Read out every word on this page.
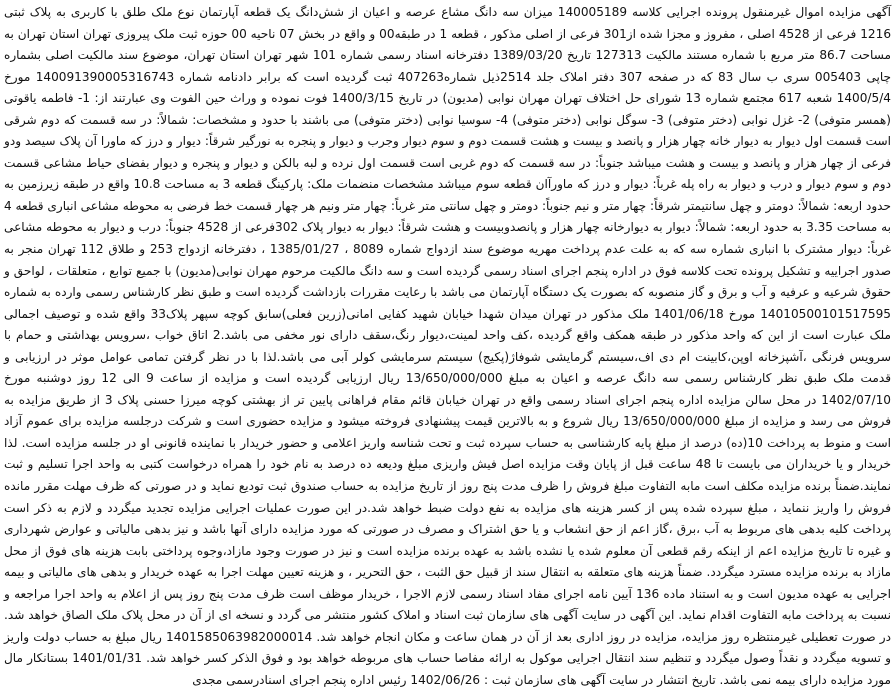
آگهی مزایده اموال غیرمنقول پرونده اجرایی کلاسه 140005189 میزان سه دانگ مشاع عرصه و اعیان از شش‌دانگ یک قطعه آپارتمان نوع ملک طلق با کاربری به پلاک ثبتی 1216 فرعی از 4528 اصلی ، مفروز و مجزا شده از301 فرعی از اصلی مذکور ، قطعه 1 در طبقه00 و واقع در بخش 07 ناحیه 00 حوزه ثبت ملک پیروزی تهران استان تهران به مساحت 86.7 متر مربع با شماره مستند مالکیت 127313 تاریخ 1389/03/20 دفترخانه اسناد رسمی شماره 101 شهر تهران استان تهران، موضوع سند مالکیت اصلی بشماره چاپی 005403 سری ب سال 83 که در صفحه 307 دفتر املاک جلد 2514ذیل شماره407263 ثبت گردیده است که برابر دادنامه شماره 140091390005316743 مورخ 1400/5/4 شعبه 617 مجتمع شماره 13 شورای حل اختلاف تهران مهران نوابی (مدیون) در تاریخ 1400/3/15 فوت نموده و وراث حین الفوت وی عبارتند از: 1- فاطمه یاقوتی (همسر متوفی) 2- غزل نوابی (دختر متوفی) 3- سوگل نوابی (دختر متوفی) 4- سوسیا نوابی (دختر متوفی) می باشند با حدود و مشخصات: شمالاً: در سه قسمت که دوم شرقی است قسمت اول دیوار به دیوار خانه چهار هزار و پانصد و بیست و هشت قسمت دوم و سوم دیوار وجرب و دیوار و پنجره به نورگیر شرقاً: دیوار و درز که ماورا آن پلاک سیصد ودو فرعی از چهار هزار و پانصد و بیست و هشت میباشد جنوباً: در سه قسمت که دوم غربی است قسمت اول نرده و لبه بالکن و دیوار و پنجره و دیوار بفضای حیاط مشاعی قسمت دوم و سوم دیوار و درب و دیوار به راه پله غرباً: دیوار و درز که ماورآان قطعه سوم میباشد مشخصات منضمات ملک: پارکینگ قطعه 3 به مساحت 10.8 واقع در طبقه زیرزمین به حدود اربعه: شمالاً: دومتر و چهل سانتیمتر شرقاً: چهار متر و نیم جنوباً: دومتر و چهل سانتی متر غرباً: چهار متر ونیم هر چهار قسمت خط فرضی به محوطه مشاعی انباری قطعه 4 به مساحت 3.35 به حدود اربعه: شمالاً: دیوار به دیوارخانه چهار هزار و پانصدوبیست و هشت شرقاً: دیوار به دیوار پلاک 302فرعی از 4528 جنوباً: درب و دیوار به محوطه مشاعی غرباً: دیوار مشترک با انباری شماره سه که به علت عدم پرداخت مهریه موضوع سند ازدواج شماره 8089 ، 1385/01/27 ، دفترخانه ازدواج 253 و طلاق 112 تهران منجر به صدور اجراییه و تشکیل پرونده تحت کلاسه فوق در اداره پنجم اجرای اسناد رسمی گردیده است و سه دانگ مالکیت مرحوم مهران نوابی(مدیون) با جمیع توابع ، متعلقات ، لواحق و حقوق شرعیه و عرفیه و آب و برق و گاز منصوبه که بصورت یک دستگاه آپارتمان می باشد با رعایت مقررات بازداشت گردیده است و طبق نظر کارشناس رسمی وارده به شماره 14010500101517595 مورخ 1401/06/18 ملک مذکور در تهران میدان شهدا خیابان شهید کفایی امانی(زرین فعلی)سابق کوچه سپهر پلاک33 واقع شده و توصیف اجمالی ملک عبارت است از این که واحد مذکور در طبقه همکف واقع گردیده ،کف واحد لمینت،دیوار رنگ،سقف دارای نور مخفی می باشد.2 اتاق خواب ،سرویس بهداشتی و حمام با سرویس فرنگی ،آشپزخانه اوپن،کابینت ام دی اف،سیستم گرمایشی شوفاژ(پکیج) سیستم سرمایشی کولر آبی می باشد.لذا با در نظر گرفتن تمامی عوامل موثر در ارزیابی و قدمت ملک طبق نظر کارشناس رسمی سه دانگ عرصه و اعیان به مبلغ 13/650/000/000 ریال ارزیابی گردیده است و مزایده از ساعت 9 الی 12 روز دوشنبه مورخ 1402/07/10 در محل سالن مزایده اداره پنجم اجرای اسناد رسمی واقع در تهران خیابان قائم مقام فراهانی پایین تر از بهشتی کوچه میرزا حسنی پلاک 3 از طریق مزایده به فروش می رسد و مزایده از مبلغ 13/650/000/000 ریال شروع و به بالاترین قیمت پیشنهادی فروخته میشود و مزایده حضوری است و شرکت درجلسه مزایده برای عموم آزاد است و منوط به پرداخت 10(ده) درصد از مبلغ پایه کارشناسی به حساب سپرده ثبت و تحت شناسه واریز اعلامی و حضور خریدار با نماینده قانونی او در جلسه مزایده است. لذا خریدار و یا خریداران می بایست تا 48 ساعت قبل از پایان وقت مزایده اصل فیش واریزی مبلغ ودیعه ده درصد به نام خود را همراه درخواست کتبی به واحد اجرا تسلیم و ثبت نمایند.ضمناً برنده مزایده مکلف است مابه التفاوت مبلغ فروش را ظرف مدت پنج روز از تاریخ مزایده به حساب صندوق ثبت تودیع نماید و در صورتی که ظرف مهلت مقرر مانده فروش را واریز ننماید ، مبلغ سپرده شده پس از کسر هزینه های مزایده به نفع دولت ضبط خواهد شد.در این صورت عملیات اجرایی مزایده تجدید میگردد و لازم به ذکر است پرداخت کلیه بدهی های مربوط به آب ،برق ،گاز اعم از حق انشعاب و یا حق اشتراک و مصرف در صورتی که مورد مزایده دارای آنها باشد و نیز بدهی مالیاتی و عوارض شهرداری و غیره تا تاریخ مزایده اعم از اینکه رقم قطعی آن معلوم شده یا نشده باشد به عهده برنده مزایده است و نیز در صورت وجود مازاد،وجوه پرداختی بابت هزینه های فوق از محل مازاد به برنده مزایده مسترد میگردد. ضمناً هزینه های متعلقه به انتقال سند از قبیل حق الثبت ، حق التحریر ، و هزینه تعیین مهلت اجرا به عهده خریدار و بدهی های مالیاتی و بیمه اجرایی به عهده مدیون است و به استناد ماده 136 آیین نامه اجرای مفاد اسناد رسمی لازم الاجرا ، خریدار موظف است ظرف مدت پنج روز پس از اعلام به واحد اجرا مراجعه و نسبت به پرداخت مابه التفاوت اقدام نماید. این آگهی در سایت آگهی های سازمان ثبت اسناد و املاک کشور منتشر می گردد و نسخه ای از آن در محل پلاک ملک الصاق خواهد شد. در صورت تعطیلی غیرمنتظره روز مزایده، مزایده در روز اداری بعد از آن در همان ساعت و مکان انجام خواهد شد. 1401585063982000014 ریال مبلغ به حساب دولت واریز و تسویه میگردد و نقداً وصول میگردد و تنظیم سند انتقال اجرایی موکول به ارائه مفاصا حساب های مربوطه خواهد بود و فوق الذکر کسر خواهد شد. 1401/01/31 بستانکار مال مورد مزایده دارای بیمه نمی باشد. تاریخ انتشار در سایت آگهی های سازمان ثبت : 1402/06/26 رئیس اداره پنجم اجرای اسنادرسمی مجدی
